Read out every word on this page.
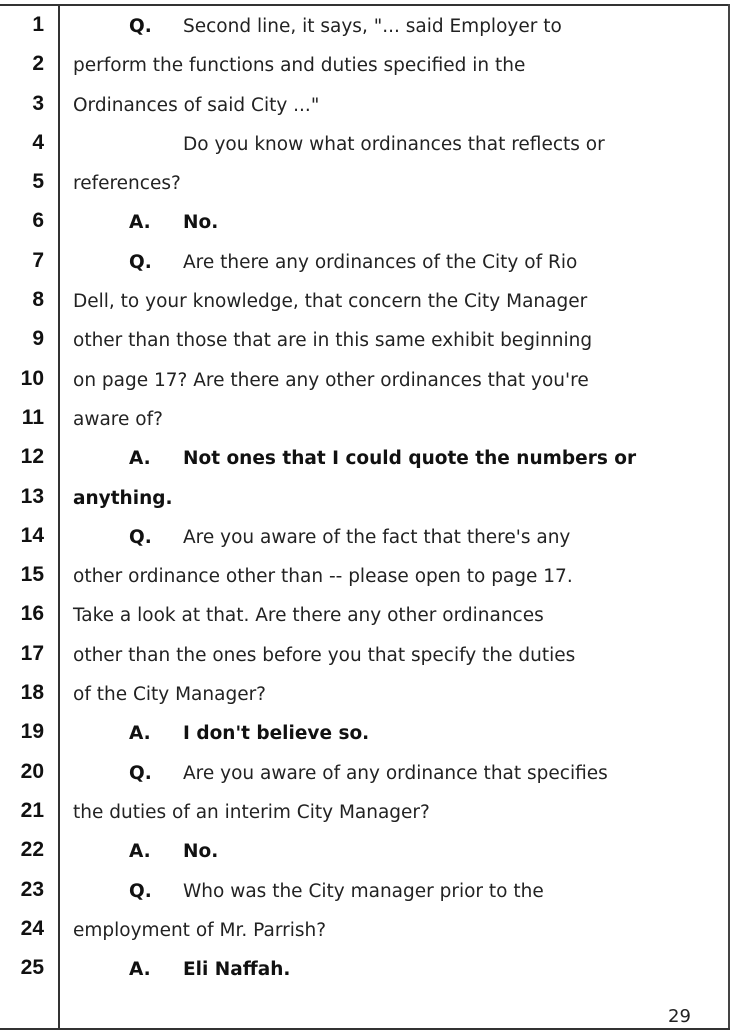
1	Q. Second line, it says, "... said Employer to
2 perform the functions and duties specified in the
3 Ordinances of said City ..."
4	Do you know what ordinances that reflects or
5 references?
6	A. No.
7	Q. Are there any ordinances of the City of Rio
8 Dell, to your knowledge, that concern the City Manager
9 other than those that are in this same exhibit beginning
10 on page 17? Are there any other ordinances that you're
11 aware of?
12	A. Not ones that I could quote the numbers or
13 anything.
14	Q. Are you aware of the fact that there's any
15 other ordinance other than -- please open to page 17.
16 Take a look at that. Are there any other ordinances
17 other than the ones before you that specify the duties
18 of the City Manager?
19	A. I don't believe so.
20	Q. Are you aware of any ordinance that specifies
21 the duties of an interim City Manager?
22	A. No.
23	Q. Who was the City manager prior to the
24 employment of Mr. Parrish?
25	A. Eli Naffah.
29
